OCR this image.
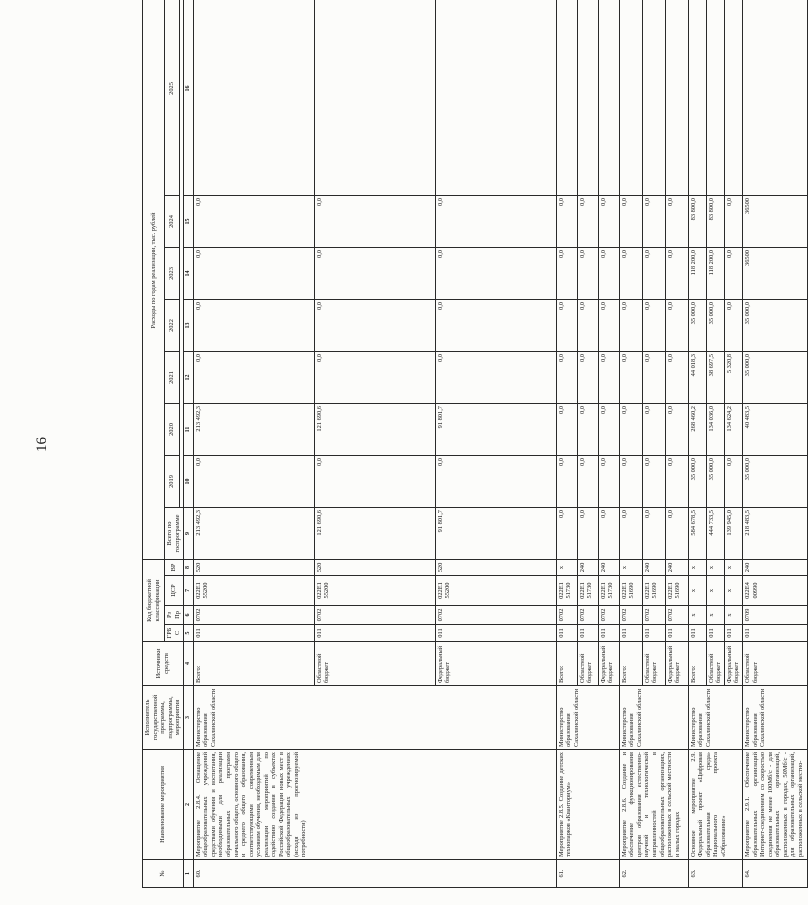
16
№	Наименование мероприятия	Исполнитель государственной программы, подпрограммы, мероприятия	Источники средств	Код бюджетной классификации				Расходы по годам реализации, тыс. рублей							
				ГРБС	Рз Пр	ЦСР	ВР	Всего по госпрограмме	2019	2020	2021	2022	2023	2024	2025

1	2	3	4	5	6	7	8	9	10	11	12	13	14	15	16
60.	Мероприятие 2.8.4. Оснащение общеобразовательных учреждений средствами обучения и воспитания, необходимыми для реализации образовательных программ начального общего, основного общего и среднего общего образования, соответствующими современным условиям обучения, необходимым для реализации мероприятий по содействию создания в субъектах Российской Федерации новых мест в общеобразовательных учреждениях (исходя из прогнозируемой потребности)	Министерство образования Сахалинской области	Всего:	011	0702	022E1 55200	520	213 492,3	0,0	213 492,3	0,0	0,0	0,0	0,0	
			Областной бюджет	011	0702	022E1 55200	520	121 690,6	0,0	121 690,6	0,0	0,0	0,0	0,0	
			Федеральный бюджет	011	0702	022E1 55200	520	91 801,7	0,0	91 801,7	0,0	0,0	0,0	0,0	
61.	Мероприятие 2.8.5. Создание детских технопарков «Кванториум»	Министерство образования Сахалинской области	Всего:	011	0702	022E1 51730	x	0,0	0,0	0,0	0,0	0,0	0,0	0,0	
			Областной бюджет	011	0702	022E1 51730	240	0,0	0,0	0,0	0,0	0,0	0,0	0,0	
			Федеральный бюджет	011	0702	022E1 51730	240	0,0	0,0	0,0	0,0	0,0	0,0	0,0	
62.	Мероприятие 2.8.6. Создание и обеспечение функционирования центров образования естественно-научной и технологической направленностей в общеобразовательных организациях, расположенных в сельской местности и малых городах	Министерство образования Сахалинской области	Всего:	011	0702	022E1 51690	x	0,0	0,0	0,0	0,0	0,0	0,0	0,0	
			Областной бюджет	011	0702	022E1 51690	240	0,0	0,0	0,0	0,0	0,0	0,0	0,0	
			Федеральный бюджет	011	0702	022E1 51690	240	0,0	0,0	0,0	0,0	0,0	0,0	0,0	
63.	Основное мероприятие 2.9. Федеральный проект «Цифровая образовательная среда» Национального проекта «Образование»	Министерство образования Сахалинской области	Всего:	011	x	x	x	584 678,5	35 000,0	268 460,2	44 018,3	35 000,0	118 200,0	83 800,0	
			Областной бюджет	011	x	x	x	444 733,5	35 000,0	134 036,0	38 697,5	35 000,0	118 200,0	83 800,0	
			Федеральный бюджет	011	x	x	x	139 945,0	0,0	134 624,2	5 320,8	0,0	0,0	0,0	
64.	Мероприятие 2.9.1. Обеспечение образовательных организаций Интернет-соединением со скоростью соединения не менее 100Мб/с - для образовательных организаций, расположенных в городах, 50Мб/с - для образовательных организаций, расположенных в сельской местно-	Министерство образования Сахалинской области	Областной бюджет	011	0709	022E4 00990	240	218 483,5	35 000,0	40 483,5	35 000,0	35 000,0	36500	36500	
